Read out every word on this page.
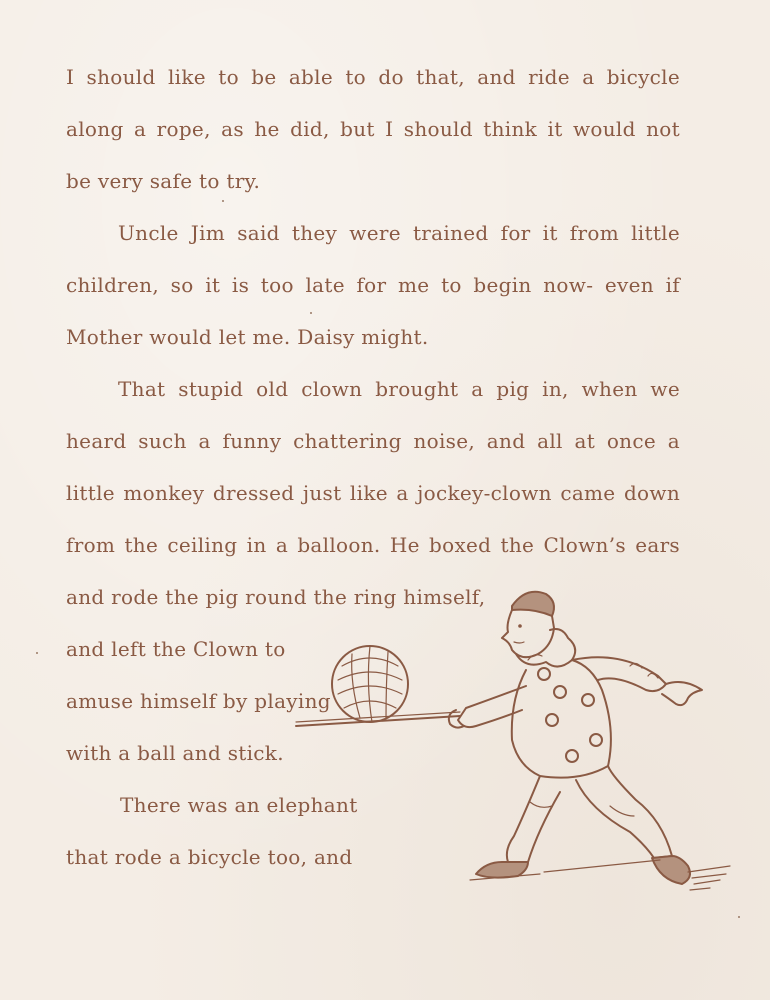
I should like to be able to do that, and ride a bicycle
along a rope, as he did, but I should think it would not
be very safe to try.
Uncle Jim said they were trained for it from little
children, so it is too late for me to begin now- even if
Mother would let me. Daisy might.
That stupid old clown brought a pig in, when we
heard such a funny chattering noise, and all at once a
little monkey dressed just like a jockey-clown came down
from the ceiling in a balloon. He boxed the Clown’s ears
and rode the pig round the ring himself,
and left the Clown to
amuse himself by playing
with a ball and stick.
There was an elephant
that rode a bicycle too, and
